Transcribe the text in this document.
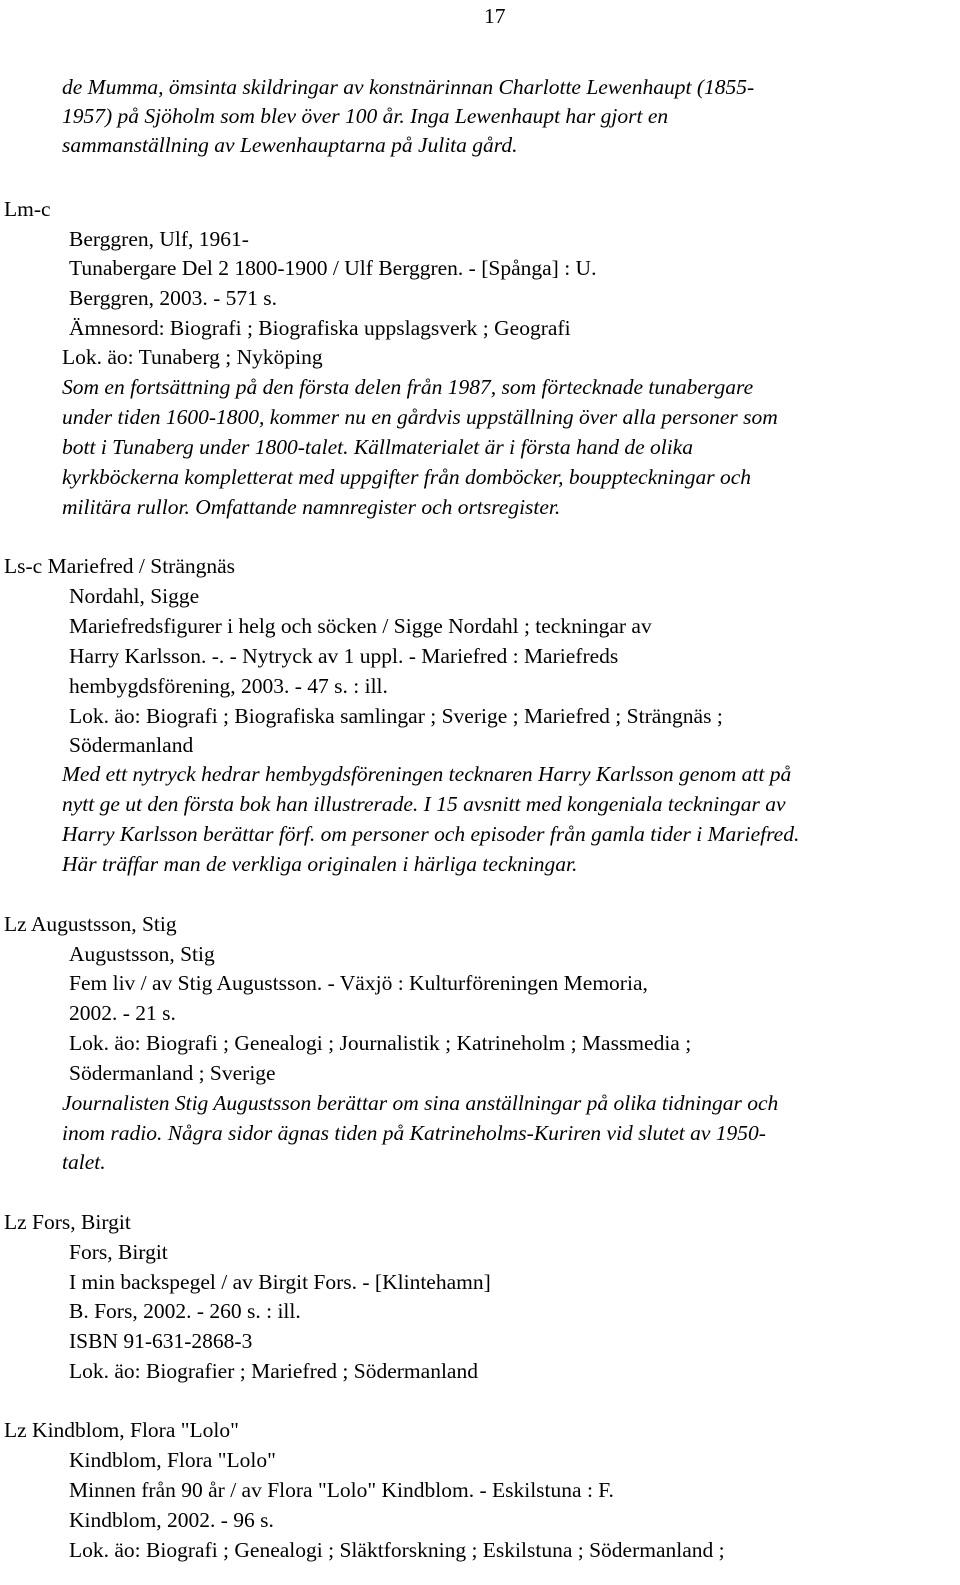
17
de Mumma, ömsinta skildringar av konstnärinnan Charlotte Lewenhaupt (1855-
1957) på Sjöholm som blev över 100 år. Inga Lewenhaupt har gjort en
sammanställning av Lewenhauptarna på Julita gård.
Lm-c
Berggren, Ulf, 1961-
Tunabergare Del 2 1800-1900 / Ulf Berggren. - [Spånga] : U.
Berggren, 2003. - 571 s.
Ämnesord: Biografi ; Biografiska uppslagsverk ; Geografi
Lok. äo: Tunaberg ; Nyköping
Som en fortsättning på den första delen från 1987, som förtecknade tunabergare
under tiden 1600-1800, kommer nu en gårdvis uppställning över alla personer som
bott i Tunaberg under 1800-talet. Källmaterialet är i första hand de olika
kyrkböckerna kompletterat med uppgifter från domböcker, bouppteckningar och
militära rullor. Omfattande namnregister och ortsregister.
Ls-c Mariefred / Strängnäs
Nordahl, Sigge
Mariefredsfigurer i helg och söcken / Sigge Nordahl ; teckningar av
Harry Karlsson. -. - Nytryck av 1 uppl. - Mariefred : Mariefreds
hembygdsförening, 2003. - 47 s. : ill.
Lok. äo: Biografi ; Biografiska samlingar ; Sverige ; Mariefred ; Strängnäs ;
Södermanland
Med ett nytryck hedrar hembygdsföreningen tecknaren Harry Karlsson genom att på
nytt ge ut den första bok han illustrerade. I 15 avsnitt med kongeniala teckningar av
Harry Karlsson berättar förf. om personer och episoder från gamla tider i Mariefred.
Här träffar man de verkliga originalen i härliga teckningar.
Lz Augustsson, Stig
Augustsson, Stig
Fem liv / av Stig Augustsson. - Växjö : Kulturföreningen Memoria,
2002. - 21 s.
Lok. äo: Biografi ; Genealogi ; Journalistik ; Katrineholm ; Massmedia ;
Södermanland ; Sverige
Journalisten Stig Augustsson berättar om sina anställningar på olika tidningar och
inom radio. Några sidor ägnas tiden på Katrineholms-Kuriren vid slutet av 1950-
talet.
Lz Fors, Birgit
Fors, Birgit
I min backspegel / av Birgit Fors. - [Klintehamn]
B. Fors, 2002. - 260 s. : ill.
ISBN 91-631-2868-3
Lok. äo: Biografier ; Mariefred ; Södermanland
Lz Kindblom, Flora "Lolo"
Kindblom, Flora "Lolo"
Minnen från 90 år / av Flora "Lolo" Kindblom. - Eskilstuna : F.
Kindblom, 2002. - 96 s.
Lok. äo: Biografi ; Genealogi ; Släktforskning ; Eskilstuna ; Södermanland ;
